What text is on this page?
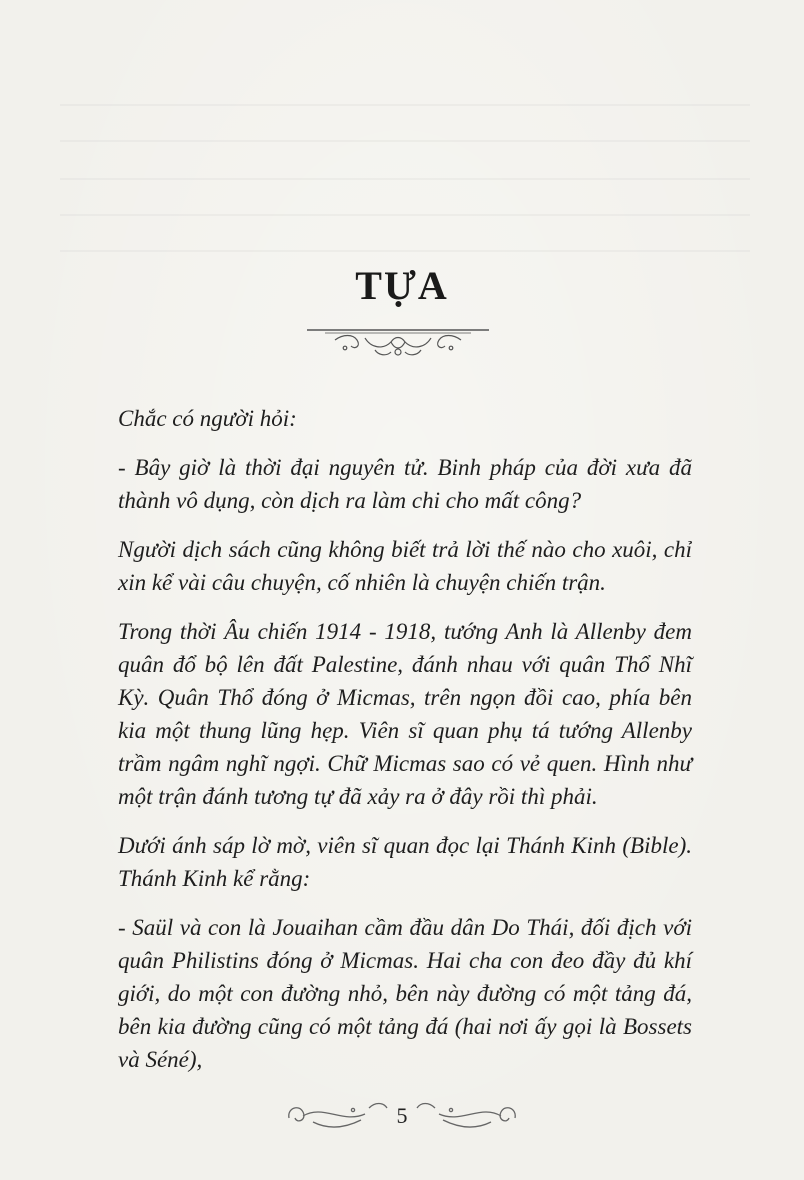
TỰA

Chắc có người hỏi:

- Bây giờ là thời đại nguyên tử. Binh pháp của đời xưa đã thành vô dụng, còn dịch ra làm chi cho mất công?

Người dịch sách cũng không biết trả lời thế nào cho xuôi, chỉ xin kể vài câu chuyện, cố nhiên là chuyện chiến trận.

Trong thời Âu chiến 1914 - 1918, tướng Anh là Allenby đem quân đổ bộ lên đất Palestine, đánh nhau với quân Thổ Nhĩ Kỳ. Quân Thổ đóng ở Micmas, trên ngọn đồi cao, phía bên kia một thung lũng hẹp. Viên sĩ quan phụ tá tướng Allenby trầm ngâm nghĩ ngợi. Chữ Micmas sao có vẻ quen. Hình như một trận đánh tương tự đã xảy ra ở đây rồi thì phải.

Dưới ánh sáp lờ mờ, viên sĩ quan đọc lại Thánh Kinh (Bible). Thánh Kinh kể rằng:

- Saül và con là Jouaihan cầm đầu dân Do Thái, đối địch với quân Philistins đóng ở Micmas. Hai cha con đeo đầy đủ khí giới, do một con đường nhỏ, bên này đường có một tảng đá, bên kia đường cũng có một tảng đá (hai nơi ấy gọi là Bossets và Séné),

5
